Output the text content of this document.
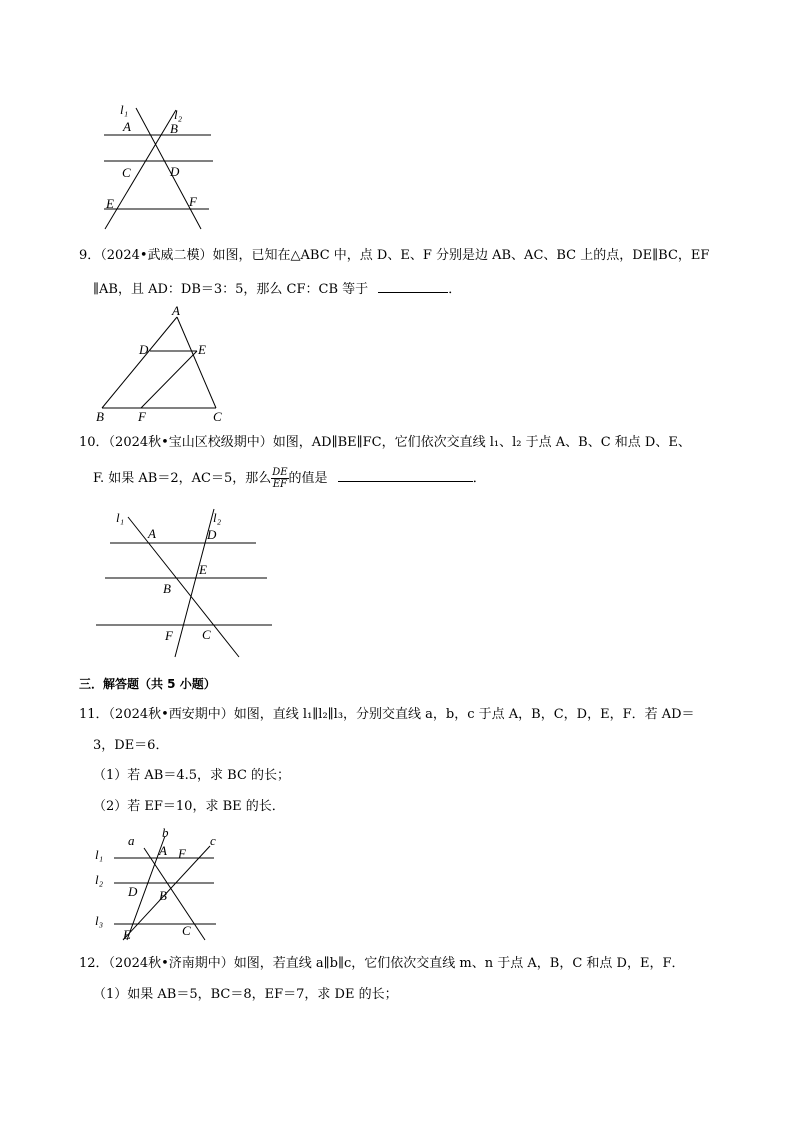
l₁	l₂
A	B
C	D
E	F
9．（2024•武威二模）如图，已知在△ABC 中，点 D、E、F 分别是边 AB、AC、BC 上的点，DE∥BC，EF
∥AB，且 AD：DB＝3：5，那么 CF：CB 等于	．
A
D	E
B	F	C
10．（2024秋•宝山区校级期中）如图，AD∥BE∥FC，它们依次交直线 l₁、l₂ 于点 A、B、C 和点 D、E、
F. 如果 AB＝2，AC＝5，那么 $\frac{DE}{EF}$ 的值是	．
l₁	l₂
A	D
E
B
F C
三．解答题（共 5 小题）
11．（2024秋•西安期中）如图，直线 l₁∥l₂∥l₃，分别交直线 a，b，c 于点 A，B，C，D，E，F．若 AD＝
3，DE＝6．
（1）若 AB＝4.5，求 BC 的长；
（2）若 EF＝10，求 BE 的长．
b
a	c
l₁	A F
l₂
D B
l₃
E	C
12．（2024秋•济南期中）如图，若直线 a∥b∥c，它们依次交直线 m、n 于点 A，B，C 和点 D，E，F．
（1）如果 AB＝5，BC＝8，EF＝7，求 DE 的长；
